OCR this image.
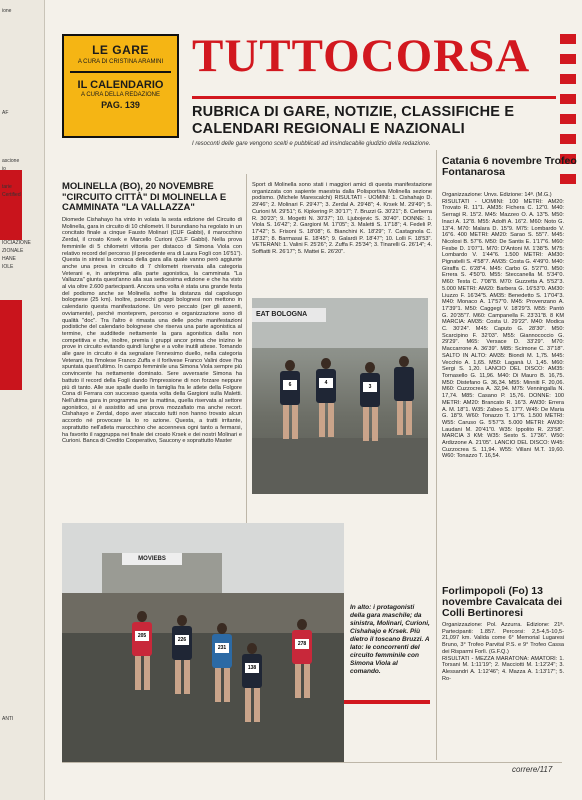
ione
AF
ascione
io
tarie
Certified
IOCIAZIONE
ZIONALE
HANE
IOLE
ANTI
LE GARE
A CURA DI CRISTINA ARAMINI
IL CALENDARIO
A CURA DELLA REDAZIONE
PAG. 139
TUTTOCORSA
RUBRICA DI GARE, NOTIZIE, CLASSIFICHE E CALENDARI REGIONALI E NAZIONALI
I resoconti delle gare vengono scelti e pubblicati ad insindacabile giudizio della redazione.
MOLINELLA (BO), 20 NOVEMBRE "CIRCUITO CITTÀ" DI MOLINELLA E CAMMINATA "LA VALLAZZA"
Diomede Cishahayo ha vinto in volata la sesta edizione del Circuito di Molinella, gara in circuito di 10 chilometri. Il burundiano ha regolato in un concitato finale a cinque Fausto Molinari (CUF Gabbi), il marocchino Zerdal, il croato Krsek e Marcello Curioni (CLF Gabbi). Nella prova femminile di 5 chilometri vittoria per distacco di Simona Viola con relativo record del percorso (il precedente era di Laura Fogli con 16'51"). Questa in sintesi la cronaca della gara alla quale vanno però aggiunte anche una prova in circuito di 7 chilometri riservata alla categoria Veterani e, in anteprima alla parte agonistica, la camminata "La Vallazza" giunta quest'anno alla sua sedicesima edizione e che ha visto al via oltre 2.600 partecipanti. Ancora una volta è stata una grande festa del podismo anche se Molinella soffre la distanza dal capoluogo bolognese (25 km). Inoltre, parecchi gruppi bolognesi non mettono in calendario questa manifestazione. Un vero peccato (per gli assenti, ovviamente), perché monteprem, percorso e organizzazione sono di qualità "doc". Tra l'altro è rimasta una delle poche manifestazioni podistiche del calendario bolognese che riserva una parte agonistica al termine, che sudditede nettamente la gara agonistica dalla non competitiva e che, inoltre, premia i gruppi ancor prima che inizino le prove in circuito evitando quindi lunghe e a volte inutili attese. Tornando alle gare in circuito è da segnalare l'ennesimo duello, nella categoria Veterani, tra l'imolese Franco Zuffa e il forlivese Franco Valini dove l'ha spuntata quest'ultimo. In campo femminile una Simona Viola sempre più convincente ha nettamente dominato. Sere avversarie Simona ha battuto il record della Fogli dando l'impressione di non forzare neppure più di tanto. Alle sue spalle duello in famiglia fra le atlete della Folgore Cona di Ferrara con successo questa volta della Gargioni sulla Maletti. Nell'ultima gara in programma per la mattina, quella riservata al settore agonistico, si è assistito ad una prova mozzafiato ma anche recort. Cishahayo e Zerdal, dopo aver staccato tutti non hanno trovato alcun accordo né provocare la lo ro azione. Questa, a tratti irritante, soprattutto nell'atleta marocchino che accenneva ogni tanto a fermarsi, ha favorito il raggruppa nei finale dei croato Krsek e dei nostri Molinari e Curioni. Banca di Credito Cooperativo, Saucony e soprattutto Master
Sport di Molinella sono stati i maggiori amici di questa manifestazione organizzata con sapiente maestria dalla Polisportiva Molinella sezione podismo. (Michele Marescalchi) RISULTATI - UOMINI: 1. Cishahajo D. 29'46"; 2. Molinari F. 29'47"; 3. Zerdal A. 29'48"; 4. Krsek M. 29'49"; 5. Curioni M. 29'51"; 6. Kipkering P. 30'17"; 7. Bruzzi G. 30'21"; 8. Cerberra R. 30'23"; 9. Mogetti N. 30'37"; 10. Ljubojevic S. 30'40". DONNE: 1. Viola S. 16'42"; 2. Gargioni M. 17'05"; 3. Maletti S. 17'18"; 4. Fedeli P. 17'42"; 5. Frisoni S. 18'08"; 6. Bianchini K. 18'29"; 7. Castagnola C. 18'32"; 8. Barmasai E. 18'45"; 9. Galardi P. 18'47"; 10. Lolli F. 18'53". VETERANI: 1. Valini F. 25'26"; 2. Zuffa F. 25'34"; 3. Tinarelli G. 26'14"; 4. Soffiatti R. 26'17"; 5. Mattei E. 26'20".
EAT BOLOGNA
6	4
3
MOVIEBS
205
226
231
138
278
In alto: i protagonisti della gara maschile; da sinistra, Molinari, Curioni, Cishahajo e Krsek. Più dietro il toscano Bruzzi. A lato: le concorrenti del circuito femminile con Simona Viola al comando.
Catania 6 novembre Trofeo Fontanarosa
Organizzazione: Unvs. Edizione: 14ª. (M.G.)
RISULTATI - UOMINI: 100 METRI: AM20: Trovato R. 11"1. AM35: Fichera C. 12"0. M40: Serragi R. 15"2. M45: Mazzeo O. A. 13"5. M50: Inaci A. 12"8. M55: Adolfi A. 16"2. M60: Noto G. 13"4. M70: Malara D. 15"9. M75: Lombardo V. 16"6. 400 METRI: AM20: Sarao S. 55"7. M45: Nicolosi B. 57"6. M50: De Santis E. 1'17"6. M60: Fesbe D. 1'07"1. M70: D'Antoni M. 1'38"5. M75: Lombardo V. 1'44"6. 1.500 METRI: AM30: Pignatelli S. 4'58"7. AM35: Costa G. 4'49"0. M40: Giraffa C. 6'28"4. M45: Carbo G. 5'27"0. M50: Errera S. 4'50"0. M55: Steccanella M. 5'34"0. M60: Testa C. 7'08"8. M70: Guzzetta A. 5'52"3. 5.000 METRI: AM20: Barbera G. 16'53"0. AM30: Liuzzo F. 16'34"5. AM35: Benedetto S. 17'04"3. M40: Monaco A. 17'57"0. M45: Provenzano A. 17'39"1. M50: Caggegi V. 18'29"3. M55: Pantò G. 20'35"7. M60: Campanella F. 23'31"8. 8 KM MARCIA: AM35: Costa U. 29'22". M40: Modica C. 30'24". M45: Caputo G. 28'30". M50: Scarcipino F. 32'03". M55: Giannococcio G. 29'29". M65: Versace D. 33'29". M70: Maccarrone A. 36'39". M85: Scimone C. 37'18". SALTO IN ALTO: AM35: Biondi M. 1,75. M45: Vecchio A. 1,65. M50: Laganà U. 1,45. M60: Sergi S. 1,20. LANCIO DEL DISCO: AM35: Tornasello G. 11,96. M40: Di Mauro B. 16,75. M50: Distefano G. 36,34. M55: Minniti F. 20,06. M60: Cuzzocrea A. 32,94. M75: Venningalla N. 17,74. M85: Casano P. 15,76. DONNE: 100 METRI: AM20: Brancato R. 16"3. AW30: Errera A. M. 18"1. W35: Zabeo S. 17"7. W45: De Maria G. 18"9. W60: Tonazzo T. 17"6. 1.500 METRI: W55: Caruso G. 5'57"3. 5.000 METRI: AW30: Laudani M. 20'41"0. W35: Ippolito R. 23'58". MARCIA 3 KM: W35: Sesto S. 17'36". W50: Ardizzone A. 21'05". LANCIO DEL DISCO: W45: Cuzzocrea S. 11,94. W55: Villani M.T. 19,60. W60: Tonazzo T. 16,54.
Forlimpopoli (Fo) 13 novembre Cavalcata dei Colli Bertinoresi
Organizzazione: Pol. Azzurra. Edizione: 21ª. Partecipanti: 1.857. Percorsi: 2,5-4,5-10,5-21,097 km. Valida come 6° Memorial Lugaresi Bruno, 3° Trofeo Parvital P.S. e 9° Trofeo Cassa dei Risparmi Forlì. (G.F.Q.)
RISULTATI - MEZZA MARATONA: AMATORI: 1. Torsani M. 1:11'19"; 2. Macciotti M. 1:12'24"; 3. Alessandri A. 1:12'46"; 4. Mazza A. 1:13'17"; 5. Ro-
correre/117
